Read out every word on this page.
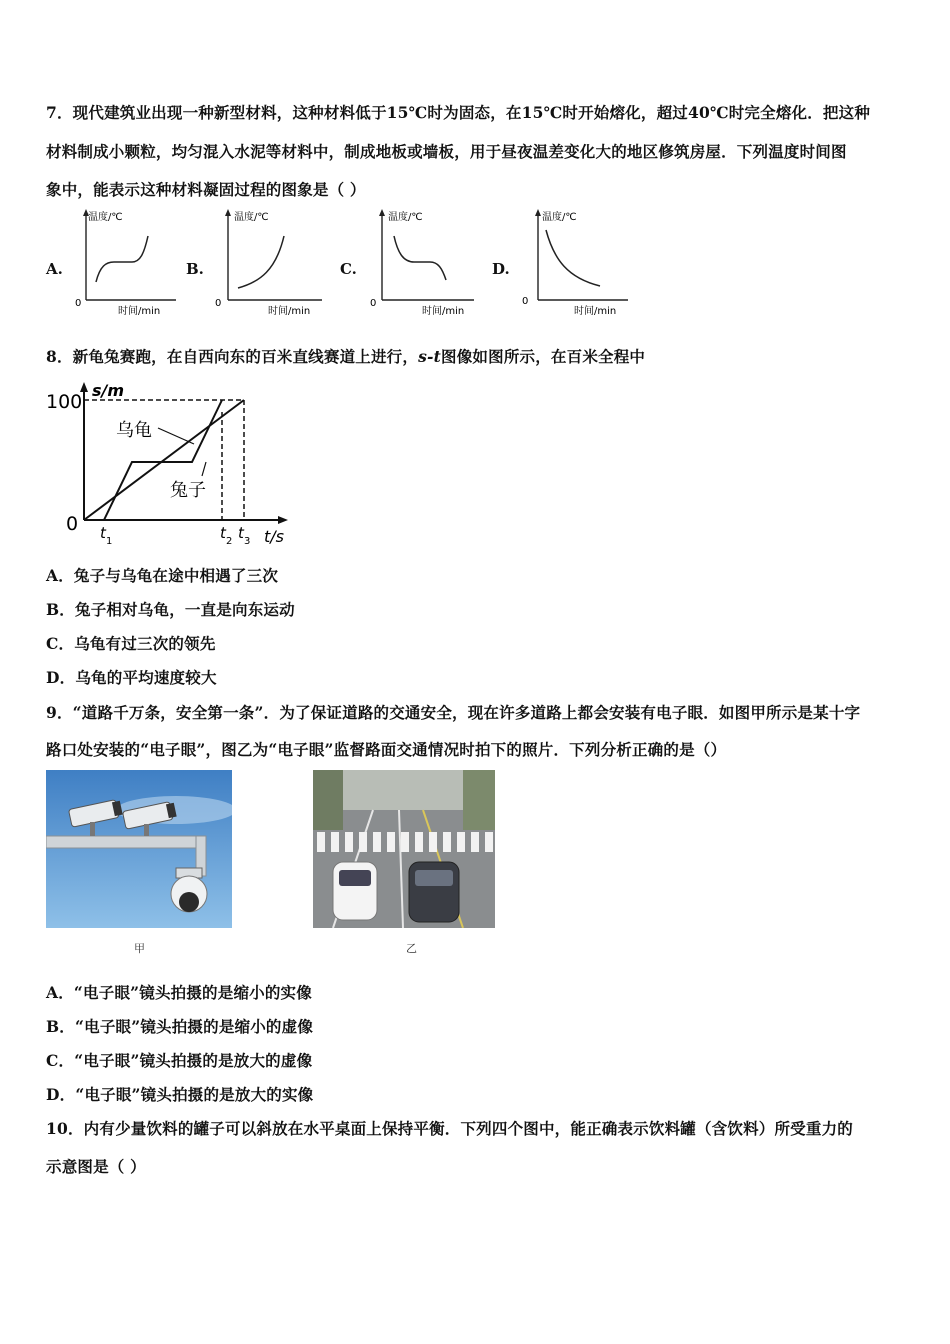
7．现代建筑业出现一种新型材料，这种材料低于15℃时为固态，在15℃时开始熔化，超过40℃时完全熔化．把这种
材料制成小颗粒，均匀混入水泥等材料中，制成地板或墙板，用于昼夜温差变化大的地区修筑房屋．下列温度时间图
象中，能表示这种材料凝固过程的图象是（ ）
A.	B.	C.	D.
温度/℃
0
时间/min
温度/℃
0
时间/min
温度/℃
0
时间/min
温度/℃
0
时间/min
8．新龟兔赛跑，在自西向东的百米直线赛道上进行，s-t图像如图所示，在百米全程中
100
s/m
0
t/s
t 1	t 2 t 3
乌龟
兔子
A．兔子与乌龟在途中相遇了三次
B．兔子相对乌龟，一直是向东运动
C．乌龟有过三次的领先
D．乌龟的平均速度较大
9．“道路千万条，安全第一条”．为了保证道路的交通安全，现在许多道路上都会安装有电子眼．如图甲所示是某十字
路口处安装的“电子眼”，图乙为“电子眼”监督路面交通情况时拍下的照片．下列分析正确的是（）
甲	乙
A．“电子眼”镜头拍摄的是缩小的实像
B．“电子眼”镜头拍摄的是缩小的虚像
C．“电子眼”镜头拍摄的是放大的虚像
D．“电子眼”镜头拍摄的是放大的实像
10．内有少量饮料的罐子可以斜放在水平桌面上保持平衡．下列四个图中，能正确表示饮料罐（含饮料）所受重力的
示意图是（ ）
